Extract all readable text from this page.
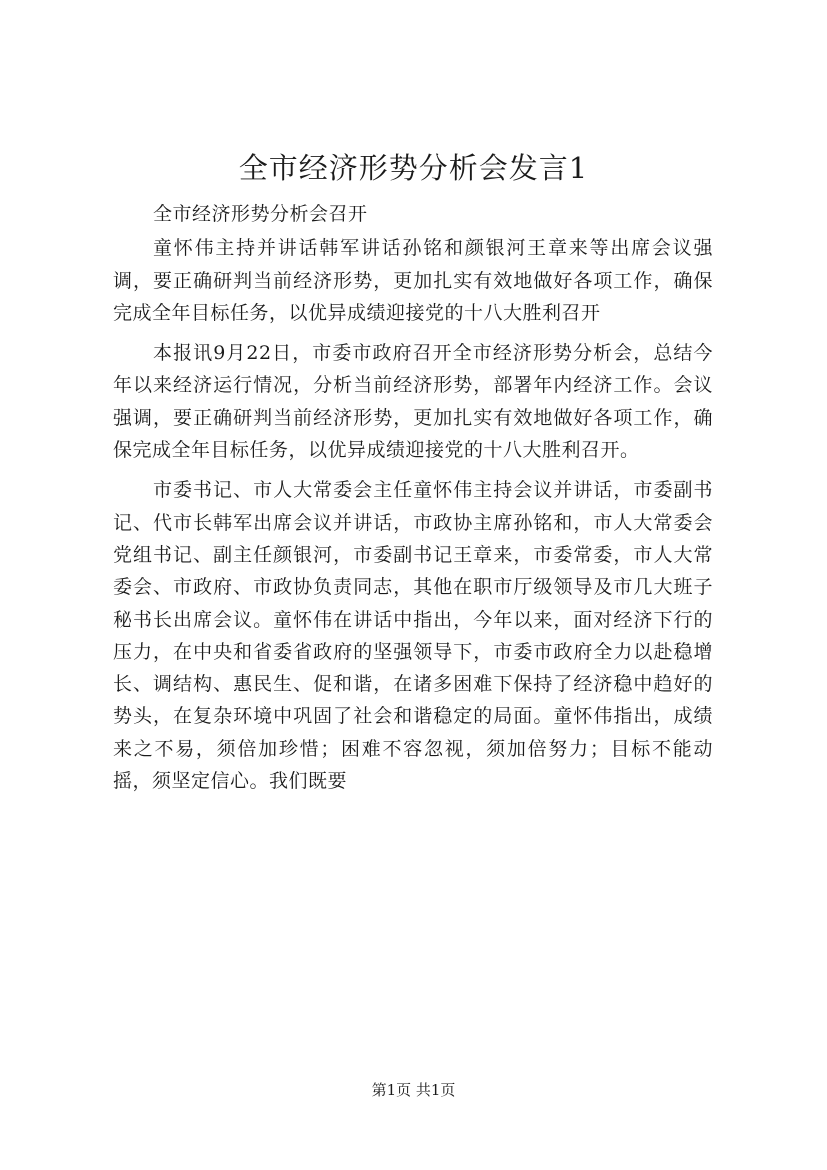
全市经济形势分析会发言1

全市经济形势分析会召开

童怀伟主持并讲话韩军讲话孙铭和颜银河王章来等出席会议强调，要正确研判当前经济形势，更加扎实有效地做好各项工作，确保完成全年目标任务，以优异成绩迎接党的十八大胜利召开

本报讯9月22日，市委市政府召开全市经济形势分析会，总结今年以来经济运行情况，分析当前经济形势，部署年内经济工作。会议强调，要正确研判当前经济形势，更加扎实有效地做好各项工作，确保完成全年目标任务，以优异成绩迎接党的十八大胜利召开。

市委书记、市人大常委会主任童怀伟主持会议并讲话，市委副书记、代市长韩军出席会议并讲话，市政协主席孙铭和，市人大常委会党组书记、副主任颜银河，市委副书记王章来，市委常委，市人大常委会、市政府、市政协负责同志，其他在职市厅级领导及市几大班子秘书长出席会议。童怀伟在讲话中指出，今年以来，面对经济下行的压力，在中央和省委省政府的坚强领导下，市委市政府全力以赴稳增长、调结构、惠民生、促和谐，在诸多困难下保持了经济稳中趋好的势头，在复杂环境中巩固了社会和谐稳定的局面。童怀伟指出，成绩来之不易，须倍加珍惜；困难不容忽视，须加倍努力；目标不能动摇，须坚定信心。我们既要

第1页 共1页
